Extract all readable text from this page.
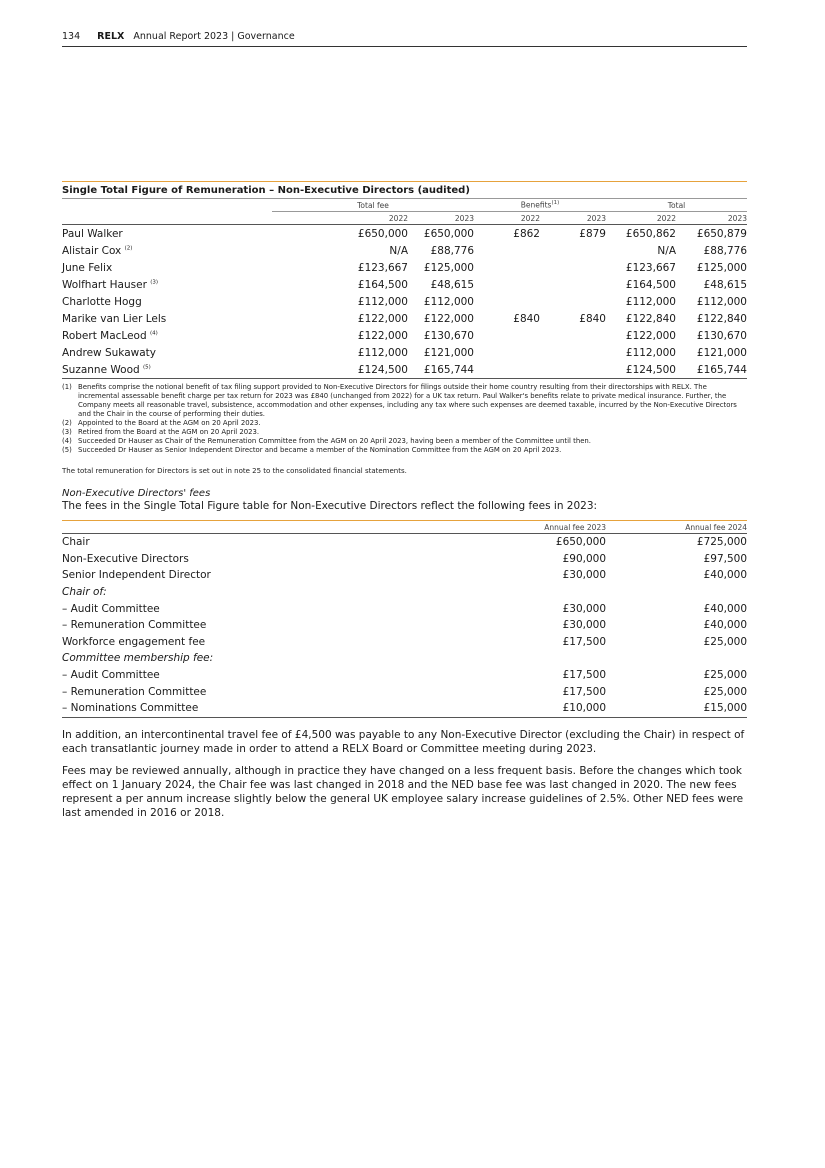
134 RELX Annual Report 2023 | Governance
Single Total Figure of Remuneration – Non-Executive Directors (audited)
	Total fee		Benefits$^{(1)}$		Total	
	2022	2023	2022	2023	2022	2023
Paul Walker	£650,000	£650,000	£862	£879	£650,862	£650,879
Alistair Cox $^{(2)}$	N/A	£88,776			N/A	£88,776
June Felix	£123,667	£125,000			£123,667	£125,000
Wolfhart Hauser $^{(3)}$	£164,500	£48,615			£164,500	£48,615
Charlotte Hogg	£112,000	£112,000			£112,000	£112,000
Marike van Lier Lels	£122,000	£122,000	£840	£840	£122,840	£122,840
Robert MacLeod $^{(4)}$	£122,000	£130,670			£122,000	£130,670
Andrew Sukawaty	£112,000	£121,000			£112,000	£121,000
Suzanne Wood $^{(5)}$	£124,500	£165,744			£124,500	£165,744
(1) Benefits comprise the notional benefit of tax filing support provided to Non-Executive Directors for filings outside their home country resulting from their directorships with RELX. The incremental assessable benefit charge per tax return for 2023 was £840 (unchanged from 2022) for a UK tax return. Paul Walker's benefits relate to private medical insurance. Further, the Company meets all reasonable travel, subsistence, accommodation and other expenses, including any tax where such expenses are deemed taxable, incurred by the Non-Executive Directors and the Chair in the course of performing their duties.
(2) Appointed to the Board at the AGM on 20 April 2023.
(3) Retired from the Board at the AGM on 20 April 2023.
(4) Succeeded Dr Hauser as Chair of the Remuneration Committee from the AGM on 20 April 2023, having been a member of the Committee until then.
(5) Succeeded Dr Hauser as Senior Independent Director and became a member of the Nomination Committee from the AGM on 20 April 2023.
The total remuneration for Directors is set out in note 25 to the consolidated financial statements.
Non-Executive Directors' fees
The fees in the Single Total Figure table for Non-Executive Directors reflect the following fees in 2023:
	Annual fee 2023	Annual fee 2024
Chair	£650,000	£725,000
Non-Executive Directors	£90,000	£97,500
Senior Independent Director	£30,000	£40,000
Chair of:		
– Audit Committee	£30,000	£40,000
– Remuneration Committee	£30,000	£40,000
Workforce engagement fee	£17,500	£25,000
Committee membership fee:		
– Audit Committee	£17,500	£25,000
– Remuneration Committee	£17,500	£25,000
– Nominations Committee	£10,000	£15,000
In addition, an intercontinental travel fee of £4,500 was payable to any Non-Executive Director (excluding the Chair) in respect of each transatlantic journey made in order to attend a RELX Board or Committee meeting during 2023.
Fees may be reviewed annually, although in practice they have changed on a less frequent basis. Before the changes which took effect on 1 January 2024, the Chair fee was last changed in 2018 and the NED base fee was last changed in 2020. The new fees represent a per annum increase slightly below the general UK employee salary increase guidelines of 2.5%. Other NED fees were last amended in 2016 or 2018.
